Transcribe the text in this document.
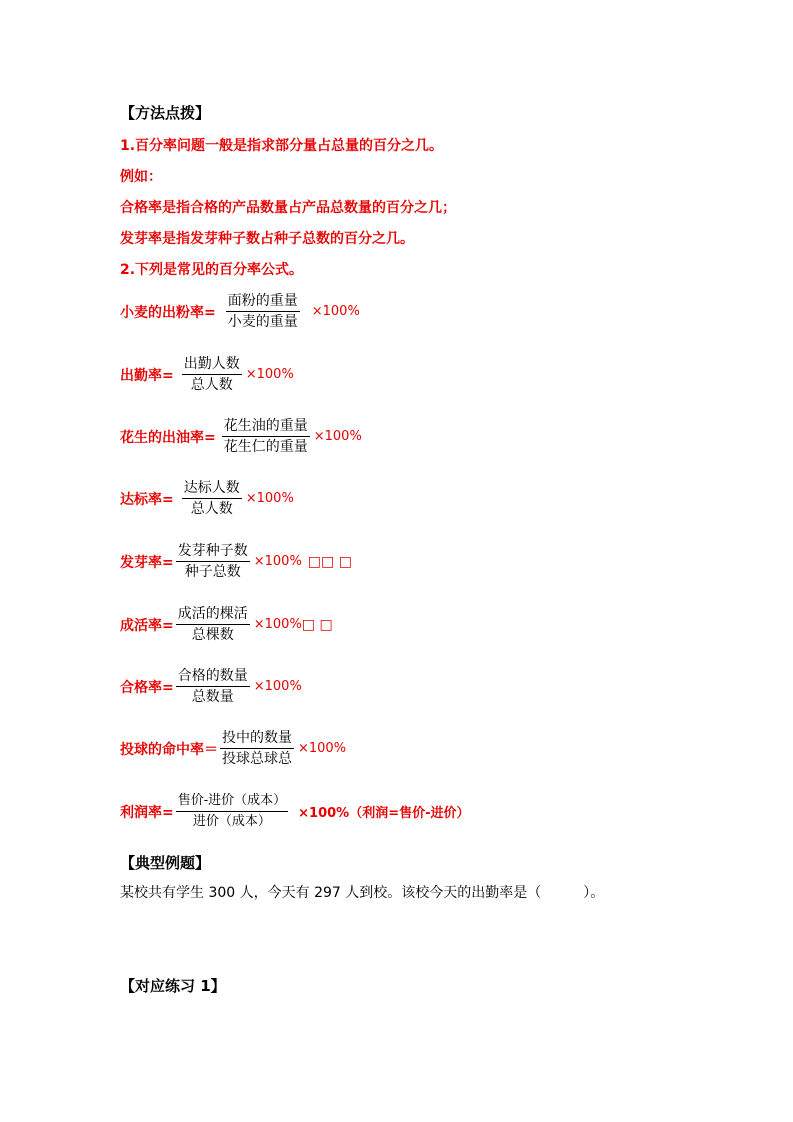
【方法点拨】
1.百分率问题一般是指求部分量占总量的百分之几。
例如：
合格率是指合格的产品数量占产品总数量的百分之几；
发芽率是指发芽种子数占种子总数的百分之几。
2.下列是常见的百分率公式。
小麦的出粉率= $\frac{\text{面粉的重量}}{\text{小麦的重量}} \times 100\%$
出勤率= $\frac{\text{出勤人数}}{\text{总人数}} \times 100\%$
花生的出油率= $\frac{\text{花生油的重量}}{\text{花生仁的重量}} \times 100\%$
达标率= $\frac{\text{达标人数}}{\text{总人数}} \times 100\%$
发芽率= $\frac{\text{发芽种子数}}{\text{种子总数}} \times 100\%$ □□ □
成活率= $\frac{\text{成活的棵活}}{\text{总棵数}} \times 100\%$ □ □
合格率= $\frac{\text{合格的数量}}{\text{总数量}} \times 100\%$
投球的命中率＝ $\frac{\text{投中的数量}}{\text{投球总球总}} \times 100\%$
利润率= $\frac{\text{售价-进价（成本）}}{\text{进价（成本）}} \times 100\%$（利润=售价-进价）
【典型例题】
某校共有学生 300 人，今天有 297 人到校。该校今天的出勤率是（　　　）。
【对应练习 1】
